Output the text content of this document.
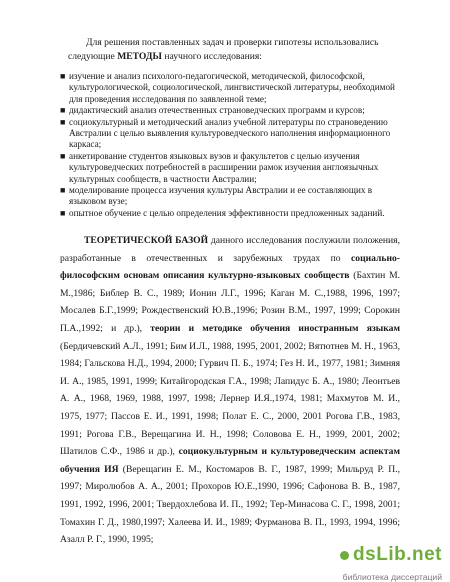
Для решения поставленных задач и проверки гипотезы использовались

следующие МЕТОДЫ научного исследования:

■ изучение и анализ психолого-педагогической, методической, философской, культурологической, социологической, лингвистической литературы, необходимой для проведения исследования по заявленной теме;
■ дидактический анализ отечественных страноведческих программ и курсов;
■ социокультурный и методический анализ учебной литературы по страноведению Австралии с целью выявления культуроведческого наполнения информационного каркаса;
■ анкетирование студентов языковых вузов и факультетов с целью изучения культуроведческих потребностей в расширении рамок изучения англоязычных культурных сообществ, в частности Австралии;
■ моделирование процесса изучения культуры Австралии и ее составляющих в языковом вузе;
■ опытное обучение с целью определения эффективности предложенных заданий.

ТЕОРЕТИЧЕСКОЙ БАЗОЙ данного исследования послужили положения, разработанные в отечественных и зарубежных трудах по социально-философским основам описания культурно-языковых сообществ (Бахтин М. М.,1986; Библер В. С., 1989; Ионин Л.Г., 1996; Каган М. С.,1988, 1996, 1997; Мосалев Б.Г.,1999; Рождественский Ю.В.,1996; Розин В.М., 1997, 1999; Сорокин П.А.,1992; и др.), теории и методике обучения иностранным языкам (Бердичевский А.Л., 1991; Бим И.Л., 1988, 1995, 2001, 2002; Вятютнев М. Н., 1963, 1984; Гальскова Н.Д., 1994, 2000; Гурвич П. Б., 1974; Гез Н. И., 1977, 1981; Зимняя И. А., 1985, 1991, 1999; Китайгородская Г.А., 1998; Лапидус Б. А., 1980; Леонтьев А. А., 1968, 1969, 1988, 1997, 1998; Лернер И.Я.,1974, 1981; Махмутов М. И., 1975, 1977; Пассов Е. И., 1991, 1998; Полат Е. С., 2000, 2001 Рогова Г.В., 1983, 1991; Рогова Г.В., Верещагина И. Н., 1998; Соловова Е. Н., 1999, 2001, 2002; Шатилов С.Ф., 1986 и др.), социокультурным и культуроведческим аспектам обучения ИЯ (Верещагин Е. М., Костомаров В. Г., 1987, 1999; Мильруд Р. П., 1997; Миролюбов А. А., 2001; Прохоров Ю.Е.,1990, 1996; Сафонова В. В., 1987, 1991, 1992, 1996, 2001; Твердохлебова И. П., 1992; Тер-Минасова С. Г., 1998, 2001; Томахин Г. Д., 1980,1997; Халеева И. И., 1989; Фурманова В. П., 1993, 1994, 1996; Азалл Р. Г., 1990, 1995;

dsLib.net
библиотека диссертаций
